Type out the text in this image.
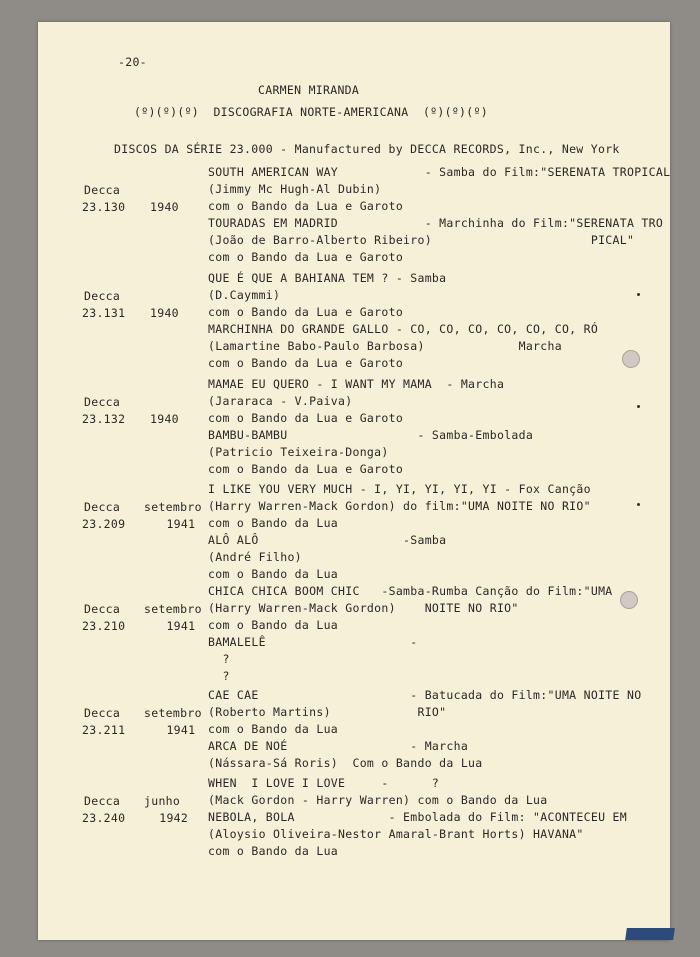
-20-
CARMEN MIRANDA
(º)(º)(º)  DISCOGRAFIA NORTE-AMERICANA  (º)(º)(º)
DISCOS DA SÉRIE 23.000 - Manufactured by DECCA RECORDS, Inc., New York
Decca
23.130 1940
SOUTH AMERICAN WAY            - Samba do Film:"SERENATA TROPICAL
(Jimmy Mc Hugh-Al Dubin)
com o Bando da Lua e Garoto
TOURADAS EM MADRID            - Marchinha do Film:"SERENATA TRO
(João de Barro-Alberto Ribeiro)                      PICAL"
com o Bando da Lua e Garoto
Decca
23.131 1940
QUE É QUE A BAHIANA TEM ? - Samba
(D.Caymmi)
com o Bando da Lua e Garoto
MARCHINHA DO GRANDE GALLO - CO, CO, CO, CO, CO, CO, RÓ
(Lamartine Babo-Paulo Barbosa)             Marcha
com o Bando da Lua e Garoto
Decca
23.132 1940
MAMAE EU QUERO - I WANT MY MAMA  - Marcha
(Jararaca - V.Paiva)
com o Bando da Lua e Garoto
BAMBU-BAMBU                  - Samba-Embolada
(Patricio Teixeira-Donga)
com o Bando da Lua e Garoto
Decca
23.209
setembro
1941
I LIKE YOU VERY MUCH - I, YI, YI, YI, YI - Fox Canção
(Harry Warren-Mack Gordon) do film:"UMA NOITE NO RIO"
com o Bando da Lua
ALÔ ALÔ                    -Samba
(André Filho)
com o Bando da Lua
Decca
23.210
setembro
1941
CHICA CHICA BOOM CHIC   -Samba-Rumba Canção do Film:"UMA
(Harry Warren-Mack Gordon)    NOITE NO RIO"
com o Bando da Lua
BAMALELÊ                    -
?
?
Decca
23.211
setembro
1941
CAE CAE                     - Batucada do Film:"UMA NOITE NO
(Roberto Martins)            RIO"
com o Bando da Lua
ARCA DE NOÉ                 - Marcha
(Nássara-Sá Roris)  Com o Bando da Lua
Decca
23.240
junho
1942
WHEN  I LOVE I LOVE     -      ?
(Mack Gordon - Harry Warren) com o Bando da Lua
NEBOLA, BOLA             - Embolada do Film: "ACONTECEU EM
(Aloysio Oliveira-Nestor Amaral-Brant Horts) HAVANA"
com o Bando da Lua
